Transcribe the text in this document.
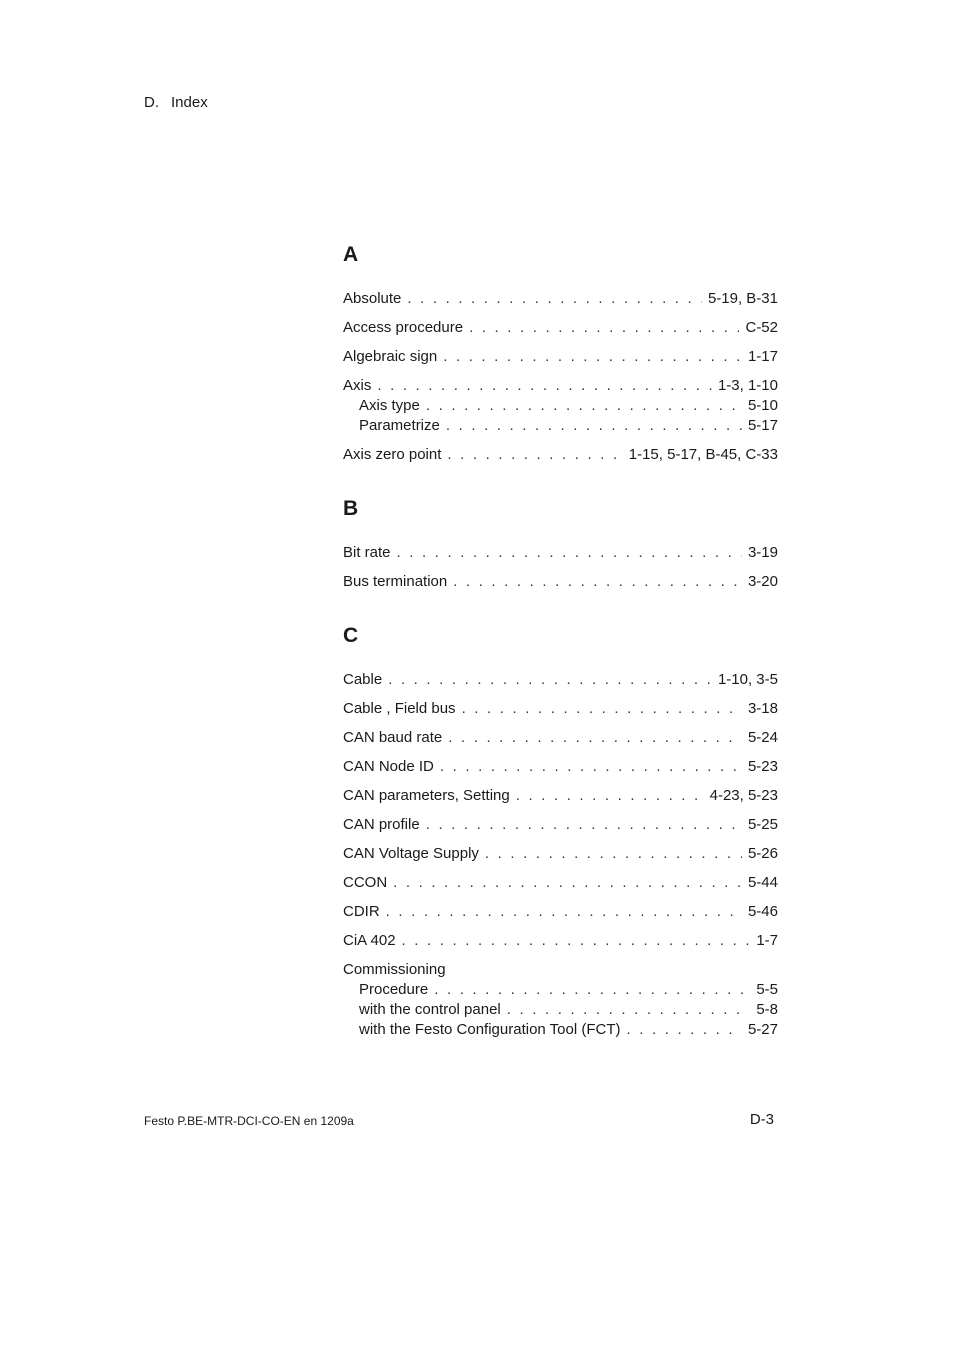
D. Index
A
Absolute . . .	5-19, B-31
Access procedure . . .	C-52
Algebraic sign . . .	1-17
Axis . . .	1-3, 1-10
Axis type . . .	5-10
Parametrize . . .	5-17
Axis zero point . . .	1-15, 5-17, B-45, C-33
B
Bit rate . . .	3-19
Bus termination . . .	3-20
C
Cable . . .	1-10, 3-5
Cable , Field bus . . .	3-18
CAN baud rate . . .	5-24
CAN Node ID . . .	5-23
CAN parameters, Setting . . .	4-23, 5-23
CAN profile . . .	5-25
CAN Voltage Supply . . .	5-26
CCON . . .	5-44
CDIR . . .	5-46
CiA 402 . . .	1-7
Commissioning
Procedure . . .	5-5
with the control panel . . .	5-8
with the Festo Configuration Tool (FCT) . . .	5-27
Festo P.BE-MTR-DCI-CO-EN en 1209a	D-3
